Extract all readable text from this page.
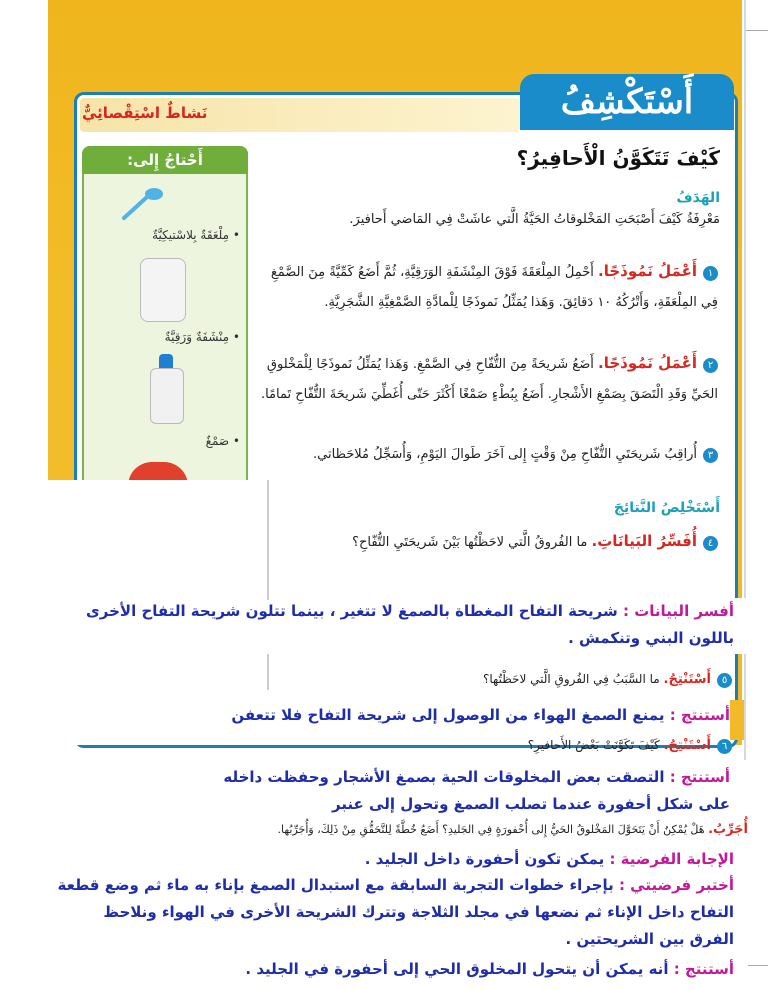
أَسْتَكْشِفُ
نَشاطٌ اسْتِقْصائِيٌّ
أَحْتاجُ إِلى:
• مِلْعَقَةٌ بِلاسْتيكِيَّةٌ
• مِنْشَفَةٌ وَرَقِيَّةٌ
• صَمْغٌ
كَيْفَ تَتَكَوَّنُ الْأَحافِيرُ؟
الهَدَفُ
مَعْرِفَةُ كَيْفَ أَصْبَحَتِ المَخْلوقاتُ الحَيَّةُ الَّتي عاشَتْ فِي المَاضي أَحافيرَ.
١أَعْمَلُ نَمُوذَجًا. أَحْمِلُ المِلْعَقَةَ فَوْقَ المِنْشَفَةِ الوَرَقِيَّةِ، ثُمَّ أَضَعُ كَمِّيَّةً مِنَ الصَّمْغِ فِي المِلْعَقَةِ، وَأَتْرُكُهُ ١٠ دَقائِقَ. وَهَذا يُمَثِّلُ نَموذَجًا لِلْمادَّةِ الصَّمْغِيَّةِ الشَّجَرِيَّةِ.
٢أَعْمَلُ نَمُوذَجًا. أَضَعُ شَريحَةً مِنَ التُّفّاحِ فِي الصَّمْغِ. وَهَذا يُمَثِّلُ نَموذَجًا لِلْمَخْلوقِ الحَيِّ وَقَدِ الْتَصَقَ بِصَمْغِ الأَشْجارِ. أَضَعُ بِبُطْءٍ صَمْغًا أَكْثَرَ حَتّى أُغَطِّيَ شَريحَةَ التُّفّاحِ تَمامًا.
٣أُراقِبُ شَريحَتَيِ التُّفّاحِ مِنْ وَقْتٍ إِلى آخَرَ طَوالَ اليَوْمِ، وَأُسَجِّلُ مُلاحَظاتي.
أَسْتَخْلِصُ النَّتائِجَ
٤أُفَسِّرُ البَيانَاتِ. ما الفُروقُ الَّتي لاحَظْتُها بَيْنَ شَريحَتَيِ التُّفّاحِ؟
أفسر البيانات : شريحة التفاح المغطاة بالصمغ لا تتغير ، بينما تتلون شريحة التفاح الأخرى باللون البني وتنكمش .
٥أَسْتَنْتِجُ. ما السَّبَبُ فِي الفُروقِ الَّتي لاحَظْتُها؟
أستنتج : يمنع الصمغ الهواء من الوصول إلى شريحة التفاح فلا تتعفن
٦أَسْتَنْتِجُ. كَيْفَ تَكَوَّنَتْ بَعْضُ الأَحافيرِ؟
أستنتج : التصقت بعض المخلوقات الحية بصمغ الأشجار وحفظت داخله على شكل أحفورة عندما تصلب الصمغ وتحول إلى عنبر
أُجَرِّبُ. هَلْ يُمْكِنُ أَنْ يَتَحَوَّلَ المَخْلوقُ الحَيُّ إِلى أُحْفورَةٍ فِي الجَليدِ؟ أَضَعُ خُطَّةً لِلتَّحَقُّقِ مِنْ ذَلِكَ، وَأُجَرِّبُها.
الإجابة الفرضية : يمكن تكون أحفورة داخل الجليد .
أختبر فرضيتي : بإجراء خطوات التجربة السابقة مع استبدال الصمغ بإناء به ماء ثم وضع قطعة التفاح داخل الإناء ثم نضعها في مجلد الثلاجة وتترك الشريحة الأخرى في الهواء ونلاحظ الفرق بين الشريحتين .
أستنتج : أنه يمكن أن يتحول المخلوق الحي إلى أحفورة في الجليد .
